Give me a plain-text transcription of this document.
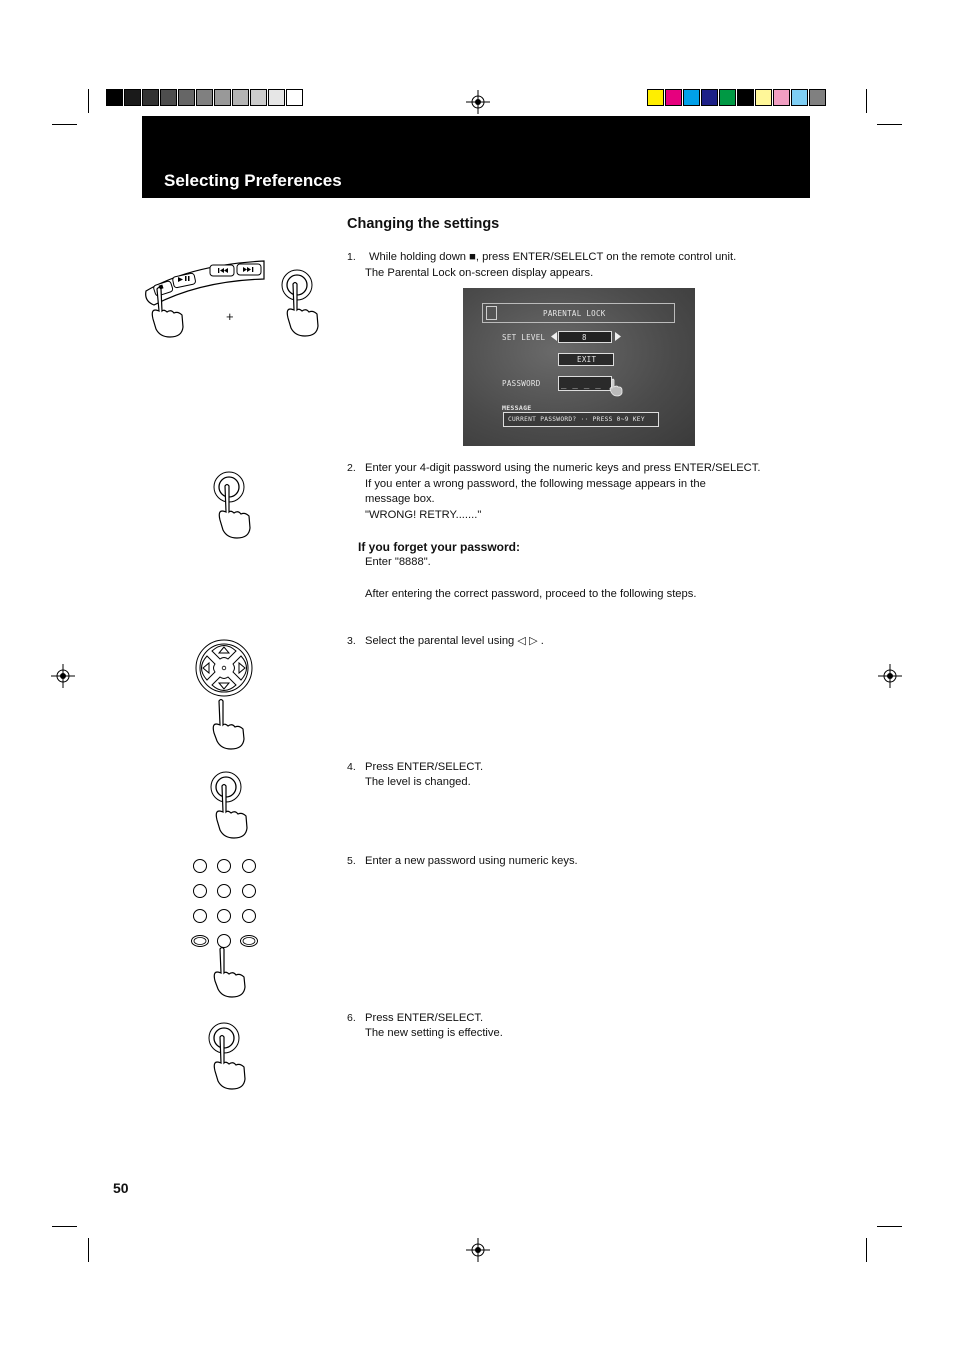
Selecting Preferences
Changing the settings
1. While holding down ■, press ENTER/SELELCT on the remote control unit.
The Parental Lock on-screen display appears.
PARENTAL LOCK
SET LEVEL	8
EXIT
PASSWORD _ _ _ _
MESSAGE
CURRENT PASSWORD? ·· PRESS 0~9 KEY
2. Enter your 4-digit password using the numeric keys and press ENTER/SELECT.
If you enter a wrong password, the following message appears in the
message box.
"WRONG! RETRY......."
If you forget your password:
Enter "8888".
After entering the correct password, proceed to the following steps.
3. Select the parental level using ◁ ▷ .
4. Press ENTER/SELECT.
The level is changed.
5. Enter a new password using numeric keys.
6. Press ENTER/SELECT.
The new setting is effective.
+
50
